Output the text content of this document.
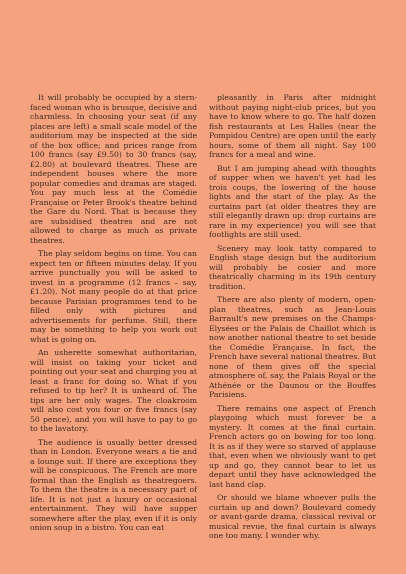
It will probably be occupied by a stern-faced woman who is brusque, decisive and charmless. In choosing your seat (if any places are left) a small scale model of the auditorium may be inspected at the side of the box office; and prices range from 100 francs (say £9.50) to 30 francs (say, £2.80) at boulevard theatres. These are independent houses where the more popular comedies and dramas are staged. You pay much less at the Comédie Française or Peter Brook's theatre behind the Gare du Nord. That is because they are subsidised theatres and are not allowed to charge as much as private theatres.

The play seldom begins on time. You can expect ten or fifteen minutes delay. If you arrive punctually you will be asked to invest in a programme (12 francs – say, £1.20). Not many people do at that price because Parisian programmes tend to be filled only with pictures and advertisements for perfume. Still, there may be something to help you work out what is going on.

An usherette somewhat authoritarian, will insist on taking your ticket and pointing out your seat and charging you at least a franc for doing so. What if you refused to tip her? It is unheard of. The tips are her only wages. The cloakroom will also cost you four or five francs (say 50 pence), and you will have to pay to go to the lavatory.

The audience is usually better dressed than in London. Everyone wears a tie and a lounge suit. If there are exceptions they will be conspicuous. The French are more formal than the English as theatregoers. To them the theatre is a necessary part of life. It is not just a luxury or occasional entertainment. They will have supper somewhere after the play, even if it is only onion soup in a bistro. You can eat

pleasantly in Paris after midnight without paying night-club prices, but you have to know where to go. The half dozen fish restaurants at Les Halles (near the Pompidou Centre) are open until the early hours, some of them all night. Say 100 francs for a meal and wine.

But I am jumping ahead with thoughts of supper when we haven't yet had les trois coups, the lowering of the house lights and the start of the play. As the curtains part (at older theatres they are still elegantly drawn up: drop curtains are rare in my experience) you will see that footlights are still used.

Scenery may look tatty compared to English stage design but the auditorium will probably be cosier and more theatrically charming in its 19th century tradition.

There are also plenty of modern, open-plan theatres, such as Jean-Louis Barrault's new premises on the Champs-Elysées or the Palais de Chaillot which is now another national theatre to set beside the Comédie Française. In fact, the French have several national theatres. But none of them gives off the special atmosphere of, say, the Palais Royal or the Athénée or the Daunou or the Bouffes Parisiens.

There remains one aspect of French playgoing which must forever be a mystery. It comes at the final curtain. French actors go on bowing for too long. It is as if they were so starved of applause that, even when we obviously want to get up and go, they cannot bear to let us depart until they have acknowledged the last hand clap.

Or should we blame whoever pulls the curtain up and down? Boulevard comedy or avant-garde drama, classical revival or musical revue, the final curtain is always one too many. I wonder why.
